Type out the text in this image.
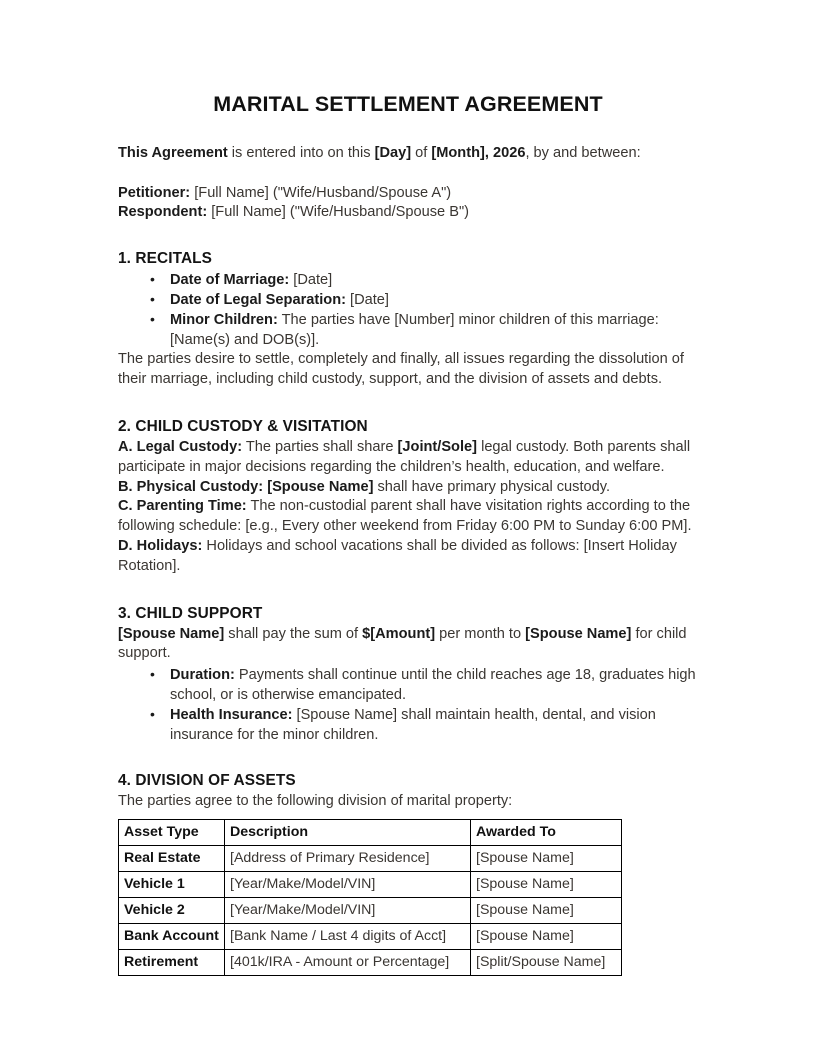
MARITAL SETTLEMENT AGREEMENT

This Agreement is entered into on this [Day] of [Month], 2026, by and between:

Petitioner: [Full Name] ("Wife/Husband/Spouse A")

Respondent: [Full Name] ("Wife/Husband/Spouse B")

1. RECITALS
• Date of Marriage: [Date]
• Date of Legal Separation: [Date]
• Minor Children: The parties have [Number] minor children of this marriage: [Name(s) and DOB(s)].

The parties desire to settle, completely and finally, all issues regarding the dissolution of their marriage, including child custody, support, and the division of assets and debts.

2. CHILD CUSTODY & VISITATION

A. Legal Custody: The parties shall share [Joint/Sole] legal custody. Both parents shall participate in major decisions regarding the children’s health, education, and welfare.

B. Physical Custody: [Spouse Name] shall have primary physical custody.

C. Parenting Time: The non-custodial parent shall have visitation rights according to the following schedule: [e.g., Every other weekend from Friday 6:00 PM to Sunday 6:00 PM].

D. Holidays: Holidays and school vacations shall be divided as follows: [Insert Holiday Rotation].

3. CHILD SUPPORT

[Spouse Name] shall pay the sum of $[Amount] per month to [Spouse Name] for child support.

• Duration: Payments shall continue until the child reaches age 18, graduates high school, or is otherwise emancipated.
• Health Insurance: [Spouse Name] shall maintain health, dental, and vision insurance for the minor children.
4. DIVISION OF ASSETS

The parties agree to the following division of marital property:

Asset Type	Description	Awarded To
Real Estate	[Address of Primary Residence]	[Spouse Name]
Vehicle 1	[Year/Make/Model/VIN]	[Spouse Name]
Vehicle 2	[Year/Make/Model/VIN]	[Spouse Name]
Bank Account	[Bank Name / Last 4 digits of Acct]	[Spouse Name]
Retirement	[401k/IRA - Amount or Percentage]	[Split/Spouse Name]
